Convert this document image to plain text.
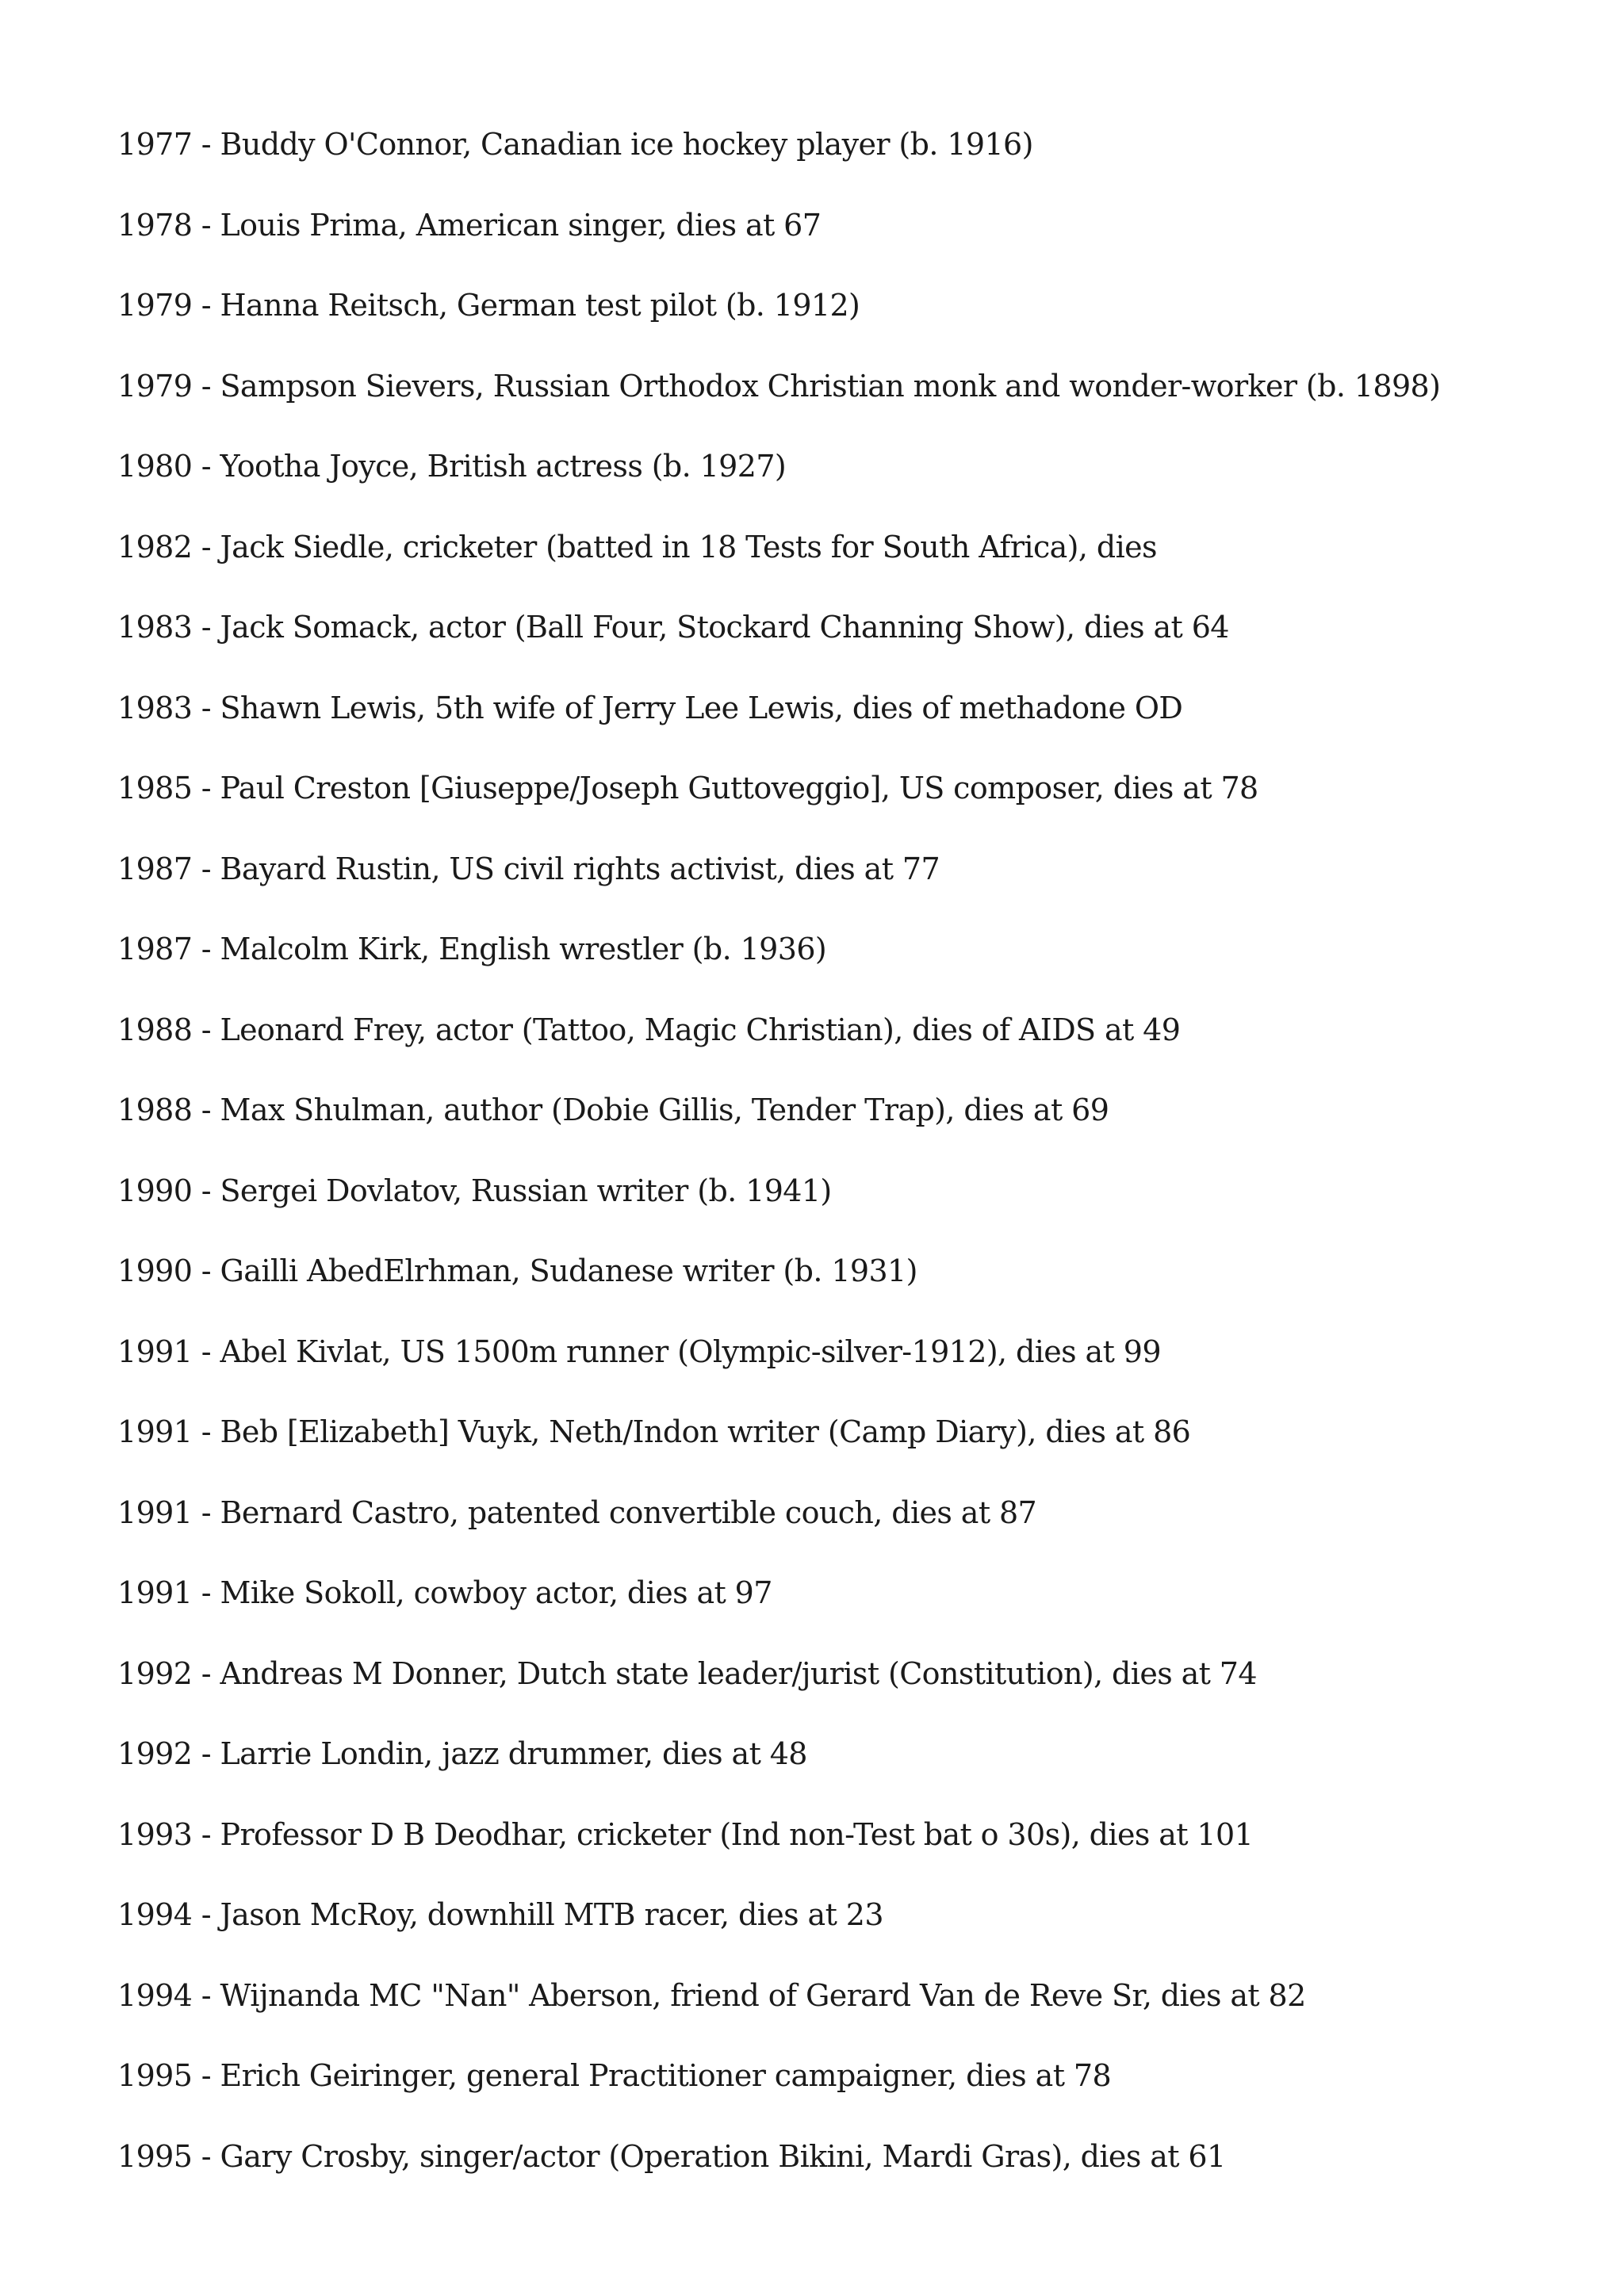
1977 - Buddy O'Connor, Canadian ice hockey player (b. 1916)
1978 - Louis Prima, American singer, dies at 67
1979 - Hanna Reitsch, German test pilot (b. 1912)
1979 - Sampson Sievers, Russian Orthodox Christian monk and wonder-worker (b. 1898)
1980 - Yootha Joyce, British actress (b. 1927)
1982 - Jack Siedle, cricketer (batted in 18 Tests for South Africa), dies
1983 - Jack Somack, actor (Ball Four, Stockard Channing Show), dies at 64
1983 - Shawn Lewis, 5th wife of Jerry Lee Lewis, dies of methadone OD
1985 - Paul Creston [Giuseppe/Joseph Guttoveggio], US composer, dies at 78
1987 - Bayard Rustin, US civil rights activist, dies at 77
1987 - Malcolm Kirk, English wrestler (b. 1936)
1988 - Leonard Frey, actor (Tattoo, Magic Christian), dies of AIDS at 49
1988 - Max Shulman, author (Dobie Gillis, Tender Trap), dies at 69
1990 - Sergei Dovlatov, Russian writer (b. 1941)
1990 - Gailli AbedElrhman, Sudanese writer (b. 1931)
1991 - Abel Kivlat, US 1500m runner (Olympic-silver-1912), dies at 99
1991 - Beb [Elizabeth] Vuyk, Neth/Indon writer (Camp Diary), dies at 86
1991 - Bernard Castro, patented convertible couch, dies at 87
1991 - Mike Sokoll, cowboy actor, dies at 97
1992 - Andreas M Donner, Dutch state leader/jurist (Constitution), dies at 74
1992 - Larrie Londin, jazz drummer, dies at 48
1993 - Professor D B Deodhar, cricketer (Ind non-Test bat o 30s), dies at 101
1994 - Jason McRoy, downhill MTB racer, dies at 23
1994 - Wijnanda MC "Nan" Aberson, friend of Gerard Van de Reve Sr, dies at 82
1995 - Erich Geiringer, general Practitioner campaigner, dies at 78
1995 - Gary Crosby, singer/actor (Operation Bikini, Mardi Gras), dies at 61
